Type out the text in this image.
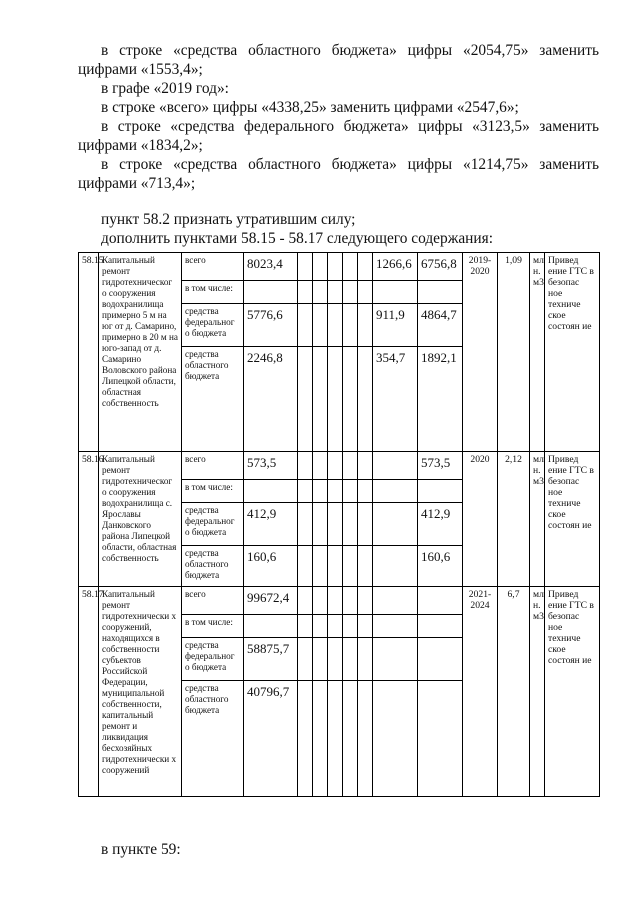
в строке «средства областного бюджета» цифры «2054,75» заменить
цифрами «1553,4»;
в графе «2019 год»:
в строке «всего» цифры «4338,25» заменить цифрами «2547,6»;
в строке «средства федерального бюджета» цифры «3123,5» заменить
цифрами «1834,2»;
в строке «средства областного бюджета» цифры «1214,75» заменить
цифрами «713,4»;
пункт 58.2 признать утратившим силу;
дополнить пунктами 58.15 - 58.17 следующего содержания:
58.15	Капитальный ремонт гидротехническог о сооружения водохранилища примерно 5 м на юг от д. Самарино, примерно в 20 м на юго-запад от д. Самарино Воловского района Липецкой области, областная собственность	всего	8023,4						1266,6	6756,8	2019-2020	1,09	мл н. м3	Привед ение ГТС в безопас ное техниче ское состоян ие
		в том числе:												
		средства федеральног о бюджета	5776,6						911,9	4864,7				
		средства областного бюджета	2246,8						354,7	1892,1				
58.16	Капитальный ремонт гидротехническог о сооружения водохранилища с. Ярославы Данковского района Липецкой области, областная собственность	всего	573,5							573,5	2020	2,12	мл н. м3	Привед ение ГТС в безопас ное техниче ское состоян ие
		в том числе:												
		средства федеральног о бюджета	412,9							412,9				
		средства областного бюджета	160,6							160,6				
58.17	Капитальный ремонт гидротехнически х сооружений, находящихся в собственности субъектов Российской Федерации, муниципальной собственности, капитальный ремонт и ликвидация бесхозяйных гидротехнически х сооружений	всего	99672,4								2021-2024	6,7	мл н. м3	Привед ение ГТС в безопас ное техниче ское состоян ие
		в том числе:												
		средства федеральног о бюджета	58875,7											
		средства областного бюджета	40796,7											
в пункте 59:
